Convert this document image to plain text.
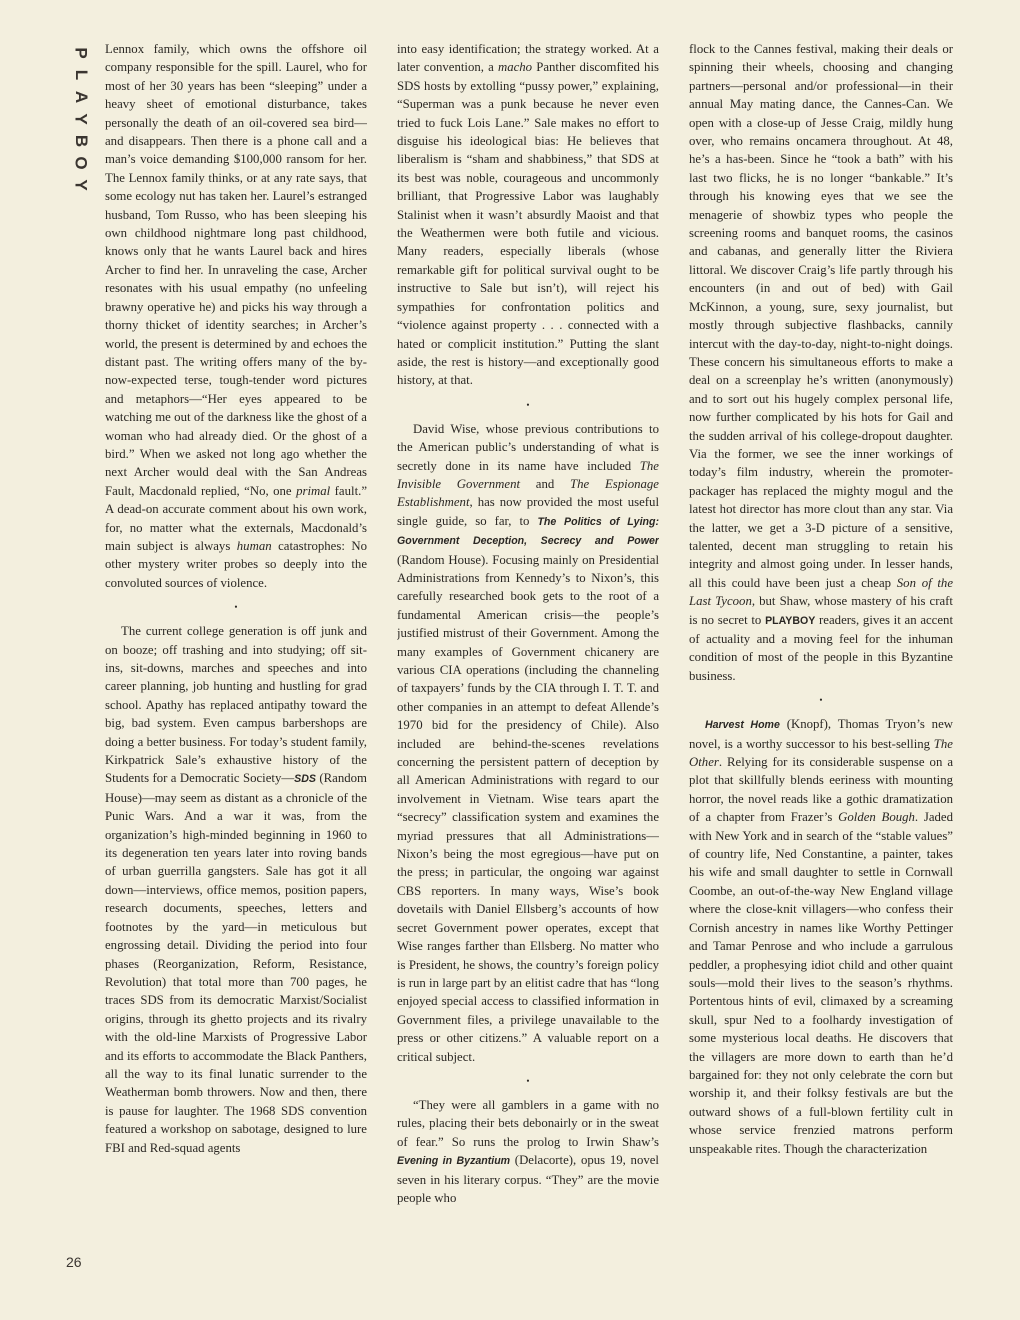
P
L
A
Y
B
O
Y
26

Lennox family, which owns the offshore oil company responsible for the spill. Laurel, who for most of her 30 years has been “sleeping” under a heavy sheet of emotional disturbance, takes personally the death of an oil-covered sea bird—and disappears. Then there is a phone call and a man’s voice demanding $100,000 ransom for her. The Lennox family thinks, or at any rate says, that some ecology nut has taken her. Laurel’s estranged husband, Tom Russo, who has been sleeping his own childhood nightmare long past childhood, knows only that he wants Laurel back and hires Archer to find her. In unraveling the case, Archer resonates with his usual empathy (no unfeeling brawny operative he) and picks his way through a thorny thicket of identity searches; in Archer’s world, the present is determined by and echoes the distant past. The writing offers many of the by-now-expected terse, tough-tender word pictures and metaphors—“Her eyes appeared to be watching me out of the darkness like the ghost of a woman who had already died. Or the ghost of a bird.” When we asked not long ago whether the next Archer would deal with the San Andreas Fault, Macdonald replied, “No, one primal fault.” A dead-on accurate comment about his own work, for, no matter what the externals, Macdonald’s main subject is always human catastrophes: No other mystery writer probes so deeply into the convoluted sources of violence.

•

The current college generation is off junk and on booze; off trashing and into studying; off sit-ins, sit-downs, marches and speeches and into career planning, job hunting and hustling for grad school. Apathy has replaced antipathy toward the big, bad system. Even campus barbershops are doing a better business. For today’s student family, Kirkpatrick Sale’s exhaustive history of the Students for a Democratic Society—SDS (Random House)—may seem as distant as a chronicle of the Punic Wars. And a war it was, from the organization’s high-minded beginning in 1960 to its degeneration ten years later into roving bands of urban guerrilla gangsters. Sale has got it all down—interviews, office memos, position papers, research documents, speeches, letters and footnotes by the yard—in meticulous but engrossing detail. Dividing the period into four phases (Reorganization, Reform, Resistance, Revolution) that total more than 700 pages, he traces SDS from its democratic Marxist/Socialist origins, through its ghetto projects and its rivalry with the old-line Marxists of Progressive Labor and its efforts to accommodate the Black Panthers, all the way to its final lunatic surrender to the Weatherman bomb throwers. Now and then, there is pause for laughter. The 1968 SDS convention featured a workshop on sabotage, designed to lure FBI and Red-squad agents

into easy identification; the strategy worked. At a later convention, a macho Panther discomfited his SDS hosts by extolling “pussy power,” explaining, “Superman was a punk because he never even tried to fuck Lois Lane.” Sale makes no effort to disguise his ideological bias: He believes that liberalism is “sham and shabbiness,” that SDS at its best was noble, courageous and uncommonly brilliant, that Progressive Labor was laughably Stalinist when it wasn’t absurdly Maoist and that the Weathermen were both futile and vicious. Many readers, especially liberals (whose remarkable gift for political survival ought to be instructive to Sale but isn’t), will reject his sympathies for confrontation politics and “violence against property . . . connected with a hated or complicit institution.” Putting the slant aside, the rest is history—and exceptionally good history, at that.

•

David Wise, whose previous contributions to the American public’s understanding of what is secretly done in its name have included The Invisible Government and The Espionage Establishment, has now provided the most useful single guide, so far, to The Politics of Lying: Government Deception, Secrecy and Power (Random House). Focusing mainly on Presidential Administrations from Kennedy’s to Nixon’s, this carefully researched book gets to the root of a fundamental American crisis—the people’s justified mistrust of their Government. Among the many examples of Government chicanery are various CIA operations (including the channeling of taxpayers’ funds by the CIA through I. T. T. and other companies in an attempt to defeat Allende’s 1970 bid for the presidency of Chile). Also included are behind-the-scenes revelations concerning the persistent pattern of deception by all American Administrations with regard to our involvement in Vietnam. Wise tears apart the “secrecy” classification system and examines the myriad pressures that all Administrations—Nixon’s being the most egregious—have put on the press; in particular, the ongoing war against CBS reporters. In many ways, Wise’s book dovetails with Daniel Ellsberg’s accounts of how secret Government power operates, except that Wise ranges farther than Ellsberg. No matter who is President, he shows, the country’s foreign policy is run in large part by an elitist cadre that has “long enjoyed special access to classified information in Government files, a privilege unavailable to the press or other citizens.” A valuable report on a critical subject.

•

“They were all gamblers in a game with no rules, placing their bets debonairly or in the sweat of fear.” So runs the prolog to Irwin Shaw’s Evening in Byzantium (Delacorte), opus 19, novel seven in his literary corpus. “They” are the movie people who

flock to the Cannes festival, making their deals or spinning their wheels, choosing and changing partners—personal and/or professional—in their annual May mating dance, the Cannes-Can. We open with a close-up of Jesse Craig, mildly hung over, who remains oncamera throughout. At 48, he’s a has-been. Since he “took a bath” with his last two flicks, he is no longer “bankable.” It’s through his knowing eyes that we see the menagerie of showbiz types who people the screening rooms and banquet rooms, the casinos and cabanas, and generally litter the Riviera littoral. We discover Craig’s life partly through his encounters (in and out of bed) with Gail McKinnon, a young, sure, sexy journalist, but mostly through subjective flashbacks, cannily intercut with the day-to-day, night-to-night doings. These concern his simultaneous efforts to make a deal on a screenplay he’s written (anonymously) and to sort out his hugely complex personal life, now further complicated by his hots for Gail and the sudden arrival of his college-dropout daughter. Via the former, we see the inner workings of today’s film industry, wherein the promoter-packager has replaced the mighty mogul and the latest hot director has more clout than any star. Via the latter, we get a 3-D picture of a sensitive, talented, decent man struggling to retain his integrity and almost going under. In lesser hands, all this could have been just a cheap Son of the Last Tycoon, but Shaw, whose mastery of his craft is no secret to PLAYBOY readers, gives it an accent of actuality and a moving feel for the inhuman condition of most of the people in this Byzantine business.

•

Harvest Home (Knopf), Thomas Tryon’s new novel, is a worthy successor to his best-selling The Other. Relying for its considerable suspense on a plot that skillfully blends eeriness with mounting horror, the novel reads like a gothic dramatization of a chapter from Frazer’s Golden Bough. Jaded with New York and in search of the “stable values” of country life, Ned Constantine, a painter, takes his wife and small daughter to settle in Cornwall Coombe, an out-of-the-way New England village where the close-knit villagers—who confess their Cornish ancestry in names like Worthy Pettinger and Tamar Penrose and who include a garrulous peddler, a prophesying idiot child and other quaint souls—mold their lives to the season’s rhythms. Portentous hints of evil, climaxed by a screaming skull, spur Ned to a foolhardy investigation of some mysterious local deaths. He discovers that the villagers are more down to earth than he’d bargained for: they not only celebrate the corn but worship it, and their folksy festivals are but the outward shows of a full-blown fertility cult in whose service frenzied matrons perform unspeakable rites. Though the characterization
